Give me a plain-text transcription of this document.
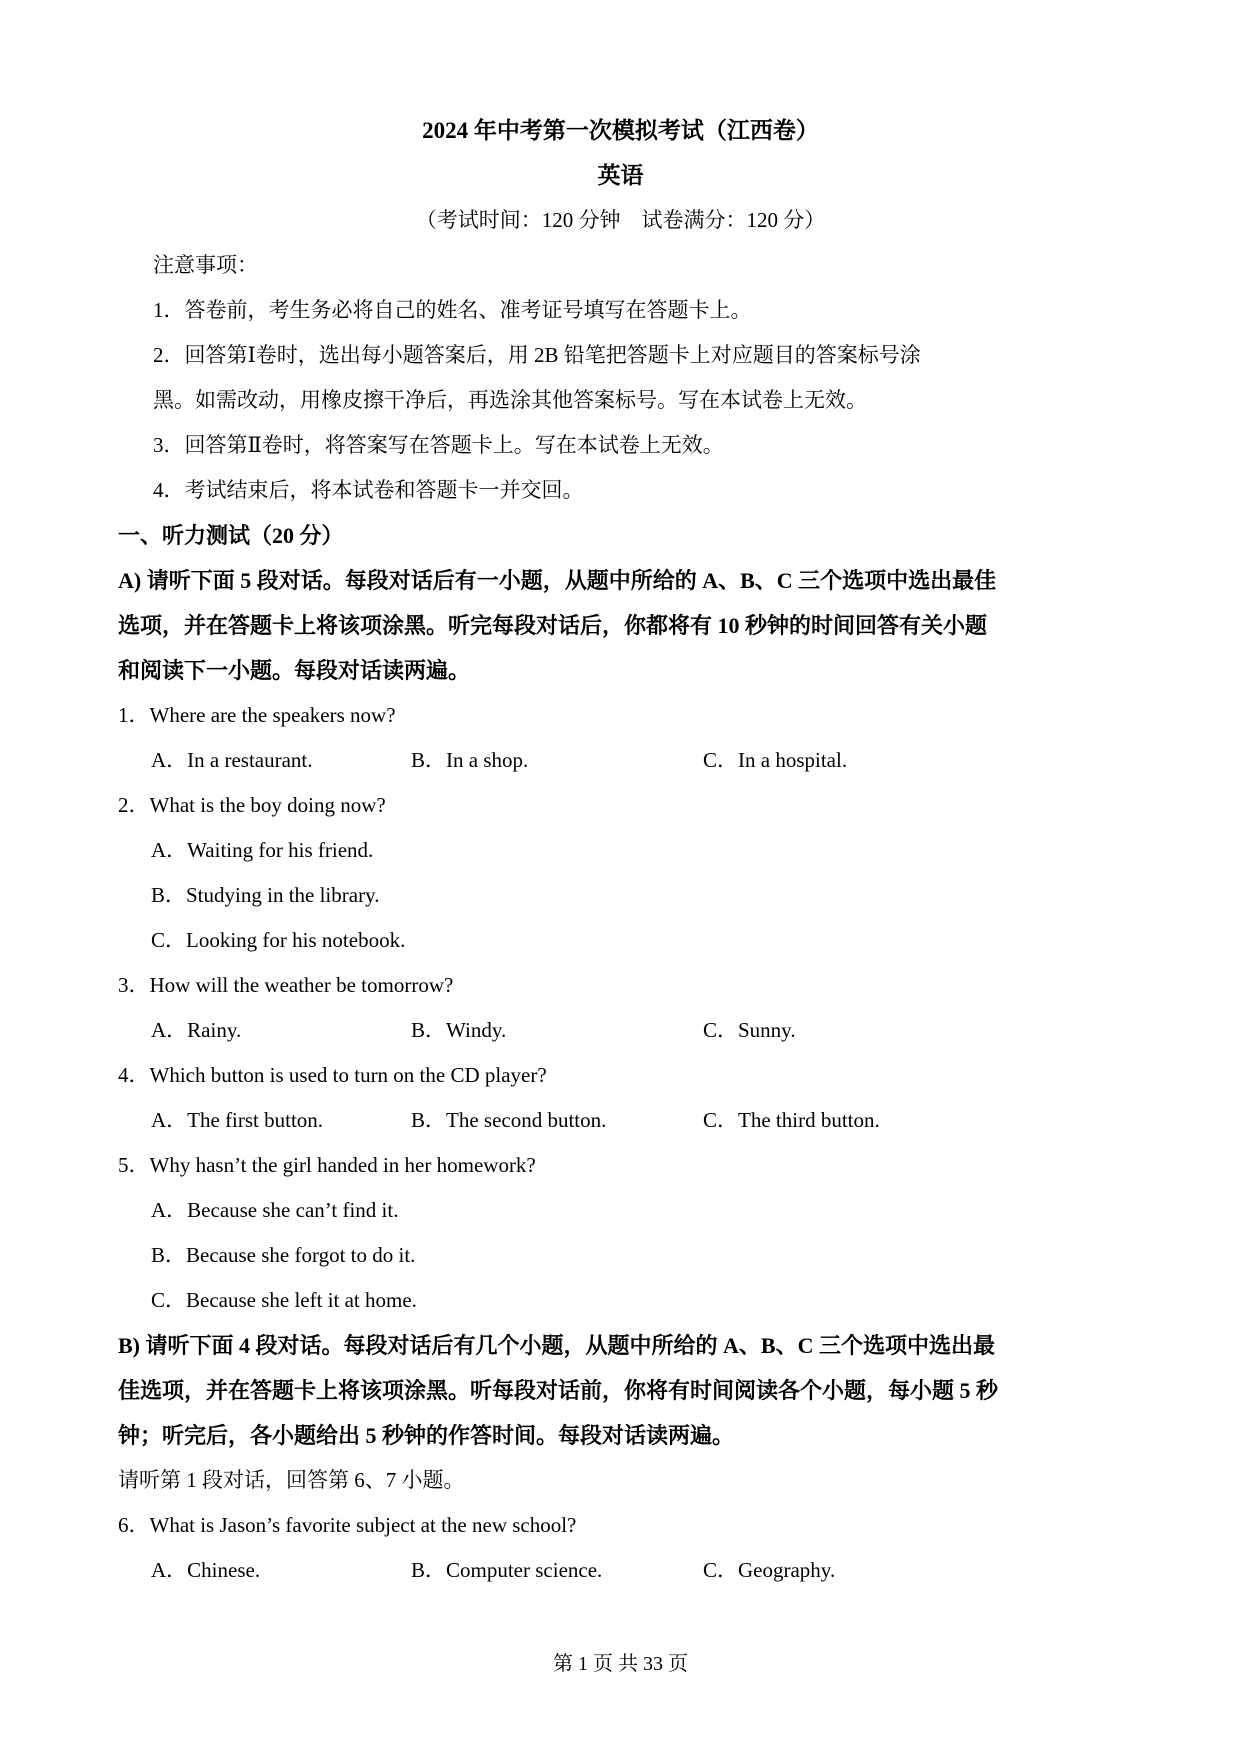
2024 年中考第一次模拟考试（江西卷）
英语
（考试时间：120 分钟　试卷满分：120 分）
注意事项：
1．答卷前，考生务必将自己的姓名、准考证号填写在答题卡上。
2．回答第Ⅰ卷时，选出每小题答案后，用 2B 铅笔把答题卡上对应题目的答案标号涂
黑。如需改动，用橡皮擦干净后，再选涂其他答案标号。写在本试卷上无效。
3．回答第Ⅱ卷时，将答案写在答题卡上。写在本试卷上无效。
4．考试结束后，将本试卷和答题卡一并交回。
一、听力测试（20 分）
A) 请听下面 5 段对话。每段对话后有一小题，从题中所给的 A、B、C 三个选项中选出最佳
选项，并在答题卡上将该项涂黑。听完每段对话后，你都将有 10 秒钟的时间回答有关小题
和阅读下一小题。每段对话读两遍。
1．Where are the speakers now?
A．In a restaurant.	B．In a shop.	C．In a hospital.
2．What is the boy doing now?
A．Waiting for his friend.
B．Studying in the library.
C．Looking for his notebook.
3．How will the weather be tomorrow?
A．Rainy.	B．Windy.	C．Sunny.
4．Which button is used to turn on the CD player?
A．The first button.	B．The second button.	C．The third button.
5．Why hasn’t the girl handed in her homework?
A．Because she can’t find it.
B．Because she forgot to do it.
C．Because she left it at home.
B) 请听下面 4 段对话。每段对话后有几个小题，从题中所给的 A、B、C 三个选项中选出最
佳选项，并在答题卡上将该项涂黑。听每段对话前，你将有时间阅读各个小题，每小题 5 秒
钟；听完后，各小题给出 5 秒钟的作答时间。每段对话读两遍。
请听第 1 段对话，回答第 6、7 小题。
6．What is Jason’s favorite subject at the new school?
A．Chinese.	B．Computer science.	C．Geography.
第 1 页 共 33 页
